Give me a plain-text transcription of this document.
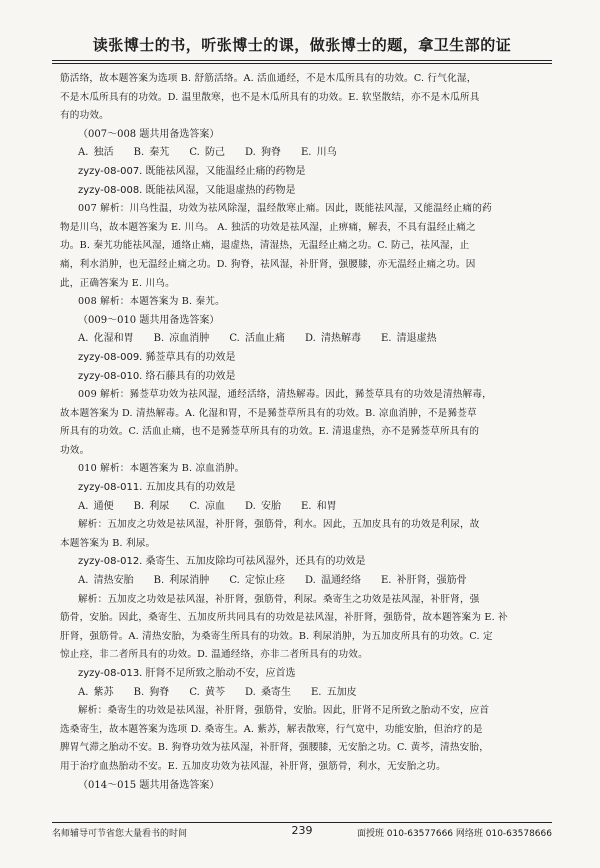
读张博士的书，听张博士的课，做张博士的题，拿卫生部的证

筋活络，故本题答案为选项 B. 舒筋活络。A. 活血通经，不是木瓜所具有的功效。C. 行气化湿，

不是木瓜所具有的功效。D. 温里散寒，也不是木瓜所具有的功效。E. 软坚散结，亦不是木瓜所具

有的功效。

（007～008 题共用备选答案）

A. 独活 B. 秦艽 C. 防己 D. 狗脊 E. 川乌

zyzy-08-007. 既能祛风湿，又能温经止痛的药物是

zyzy-08-008. 既能祛风湿，又能退虚热的药物是

007 解析：川乌性温，功效为祛风除湿，温经散寒止痛。因此，既能祛风湿，又能温经止痛的药

物是川乌，故本题答案为 E. 川乌。 A. 独活的功效是祛风湿，止痹痛，解表，不具有温经止痛之

功。B. 秦艽功能祛风湿，通络止痛，退虚热，清湿热，无温经止痛之功。C. 防己，祛风湿，止

痛，利水消肿，也无温经止痛之功。D. 狗脊，祛风湿，补肝肾，强腰膝，亦无温经止痛之功。因

此，正确答案为 E. 川乌。

008 解析：本题答案为 B. 秦艽。

（009～010 题共用备选答案）

A. 化湿和胃 B. 凉血消肿 C. 活血止痛 D. 清热解毒 E. 清退虚热

zyzy-08-009. 豨莶草具有的功效是

zyzy-08-010. 络石藤具有的功效是

009 解析：豨莶草功效为祛风湿，通经活络，清热解毒。因此，豨莶草具有的功效是清热解毒，

故本题答案为 D. 清热解毒。A. 化湿和胃，不是豨莶草所具有的功效。B. 凉血消肿，不是豨莶草

所具有的功效。C. 活血止痛，也不是豨莶草所具有的功效。E. 清退虚热，亦不是豨莶草所具有的

功效。

010 解析：本题答案为 B. 凉血消肿。

zyzy-08-011. 五加皮具有的功效是

A. 通便 B. 利尿 C. 凉血 D. 安胎 E. 和胃

解析：五加皮之功效是祛风湿，补肝肾，强筋骨，利水。因此，五加皮具有的功效是利尿，故

本题答案为 B. 利尿。

zyzy-08-012. 桑寄生、五加皮除均可祛风湿外，还具有的功效是

A. 清热安胎 B. 利尿消肿 C. 定惊止痉 D. 温通经络 E. 补肝肾，强筋骨

解析：五加皮之功效是祛风湿，补肝肾，强筋骨，利尿。桑寄生之功效是祛风湿，补肝肾，强

筋骨，安胎。因此，桑寄生、五加皮所共同具有的功效是祛风湿，补肝肾，强筋骨，故本题答案为 E. 补

肝肾，强筋骨。A. 清热安胎，为桑寄生所具有的功效。B. 利尿消肿，为五加皮所具有的功效。C. 定

惊止痉，非二者所具有的功效。D. 温通经络，亦非二者所具有的功效。

zyzy-08-013. 肝肾不足所致之胎动不安，应首选

A. 紫苏 B. 狗脊 C. 黄芩 D. 桑寄生 E. 五加皮

解析：桑寄生的功效是祛风湿，补肝肾，强筋骨，安胎。因此，肝肾不足所致之胎动不安，应首

选桑寄生，故本题答案为选项 D. 桑寄生。A. 紫苏，解表散寒，行气宽中，功能安胎，但治疗的是

脾胃气滞之胎动不安。B. 狗脊功效为祛风湿，补肝肾，强腰膝，无安胎之功。C. 黄芩，清热安胎，

用于治疗血热胎动不安。E. 五加皮功效为祛风湿，补肝肾，强筋骨，利水，无安胎之功。

（014～015 题共用备选答案）

名师辅导可节省您大量看书的时间	239	面授班 010-63577666 网络班 010-63578666
